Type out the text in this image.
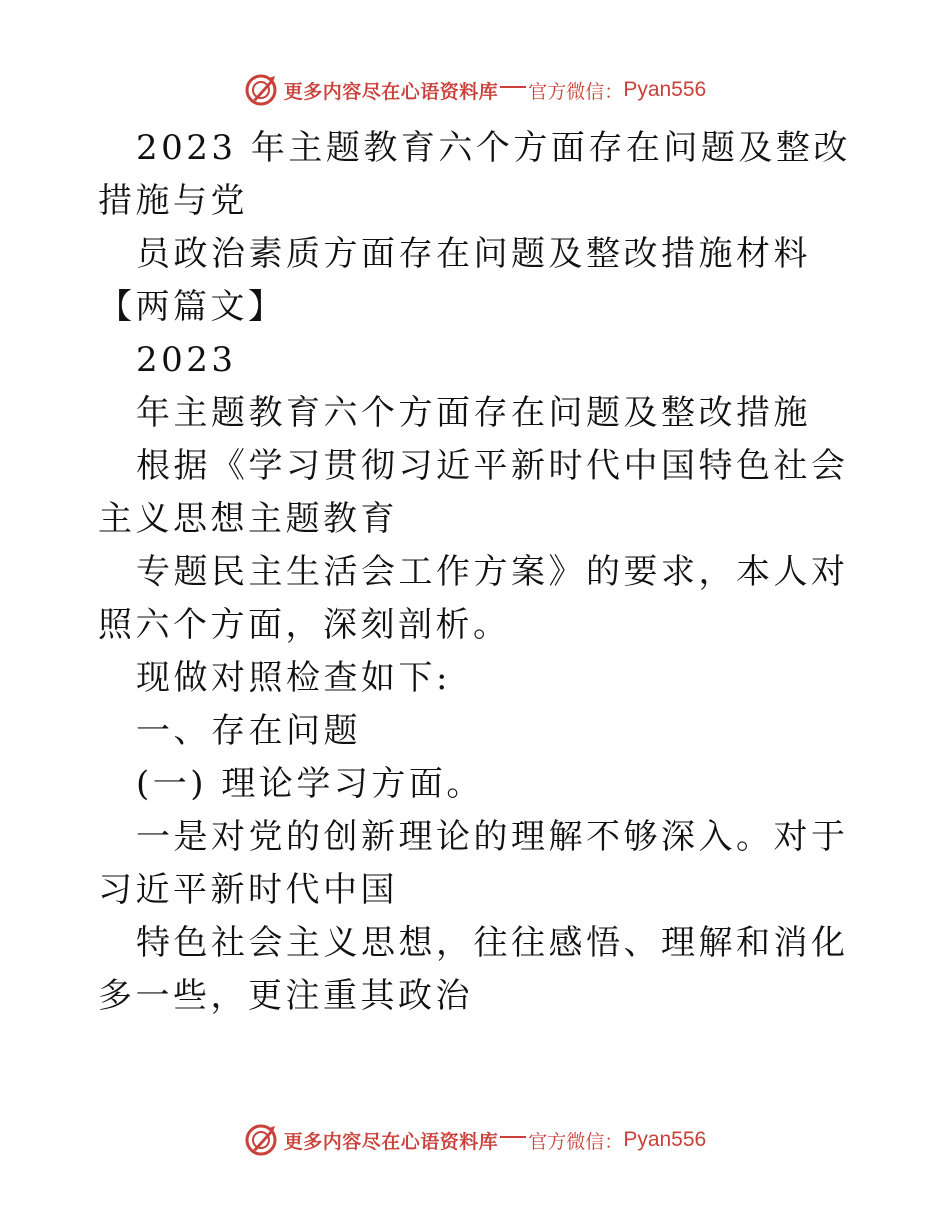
更多内容尽在心语资料库 官方微信： Pyan556

2023 年主题教育六个方面存在问题及整改措施与党

员政治素质方面存在问题及整改措施材料【两篇文】

2023

年主题教育六个方面存在问题及整改措施

根据《学习贯彻习近平新时代中国特色社会主义思想主题教育

专题民主生活会工作方案》的要求，本人对照六个方面，深刻剖析。

现做对照检查如下:

一、存在问题

(一) 理论学习方面。

一是对党的创新理论的理解不够深入。对于习近平新时代中国

特色社会主义思想，往往感悟、理解和消化多一些，更注重其政治

更多内容尽在心语资料库 官方微信： Pyan556
